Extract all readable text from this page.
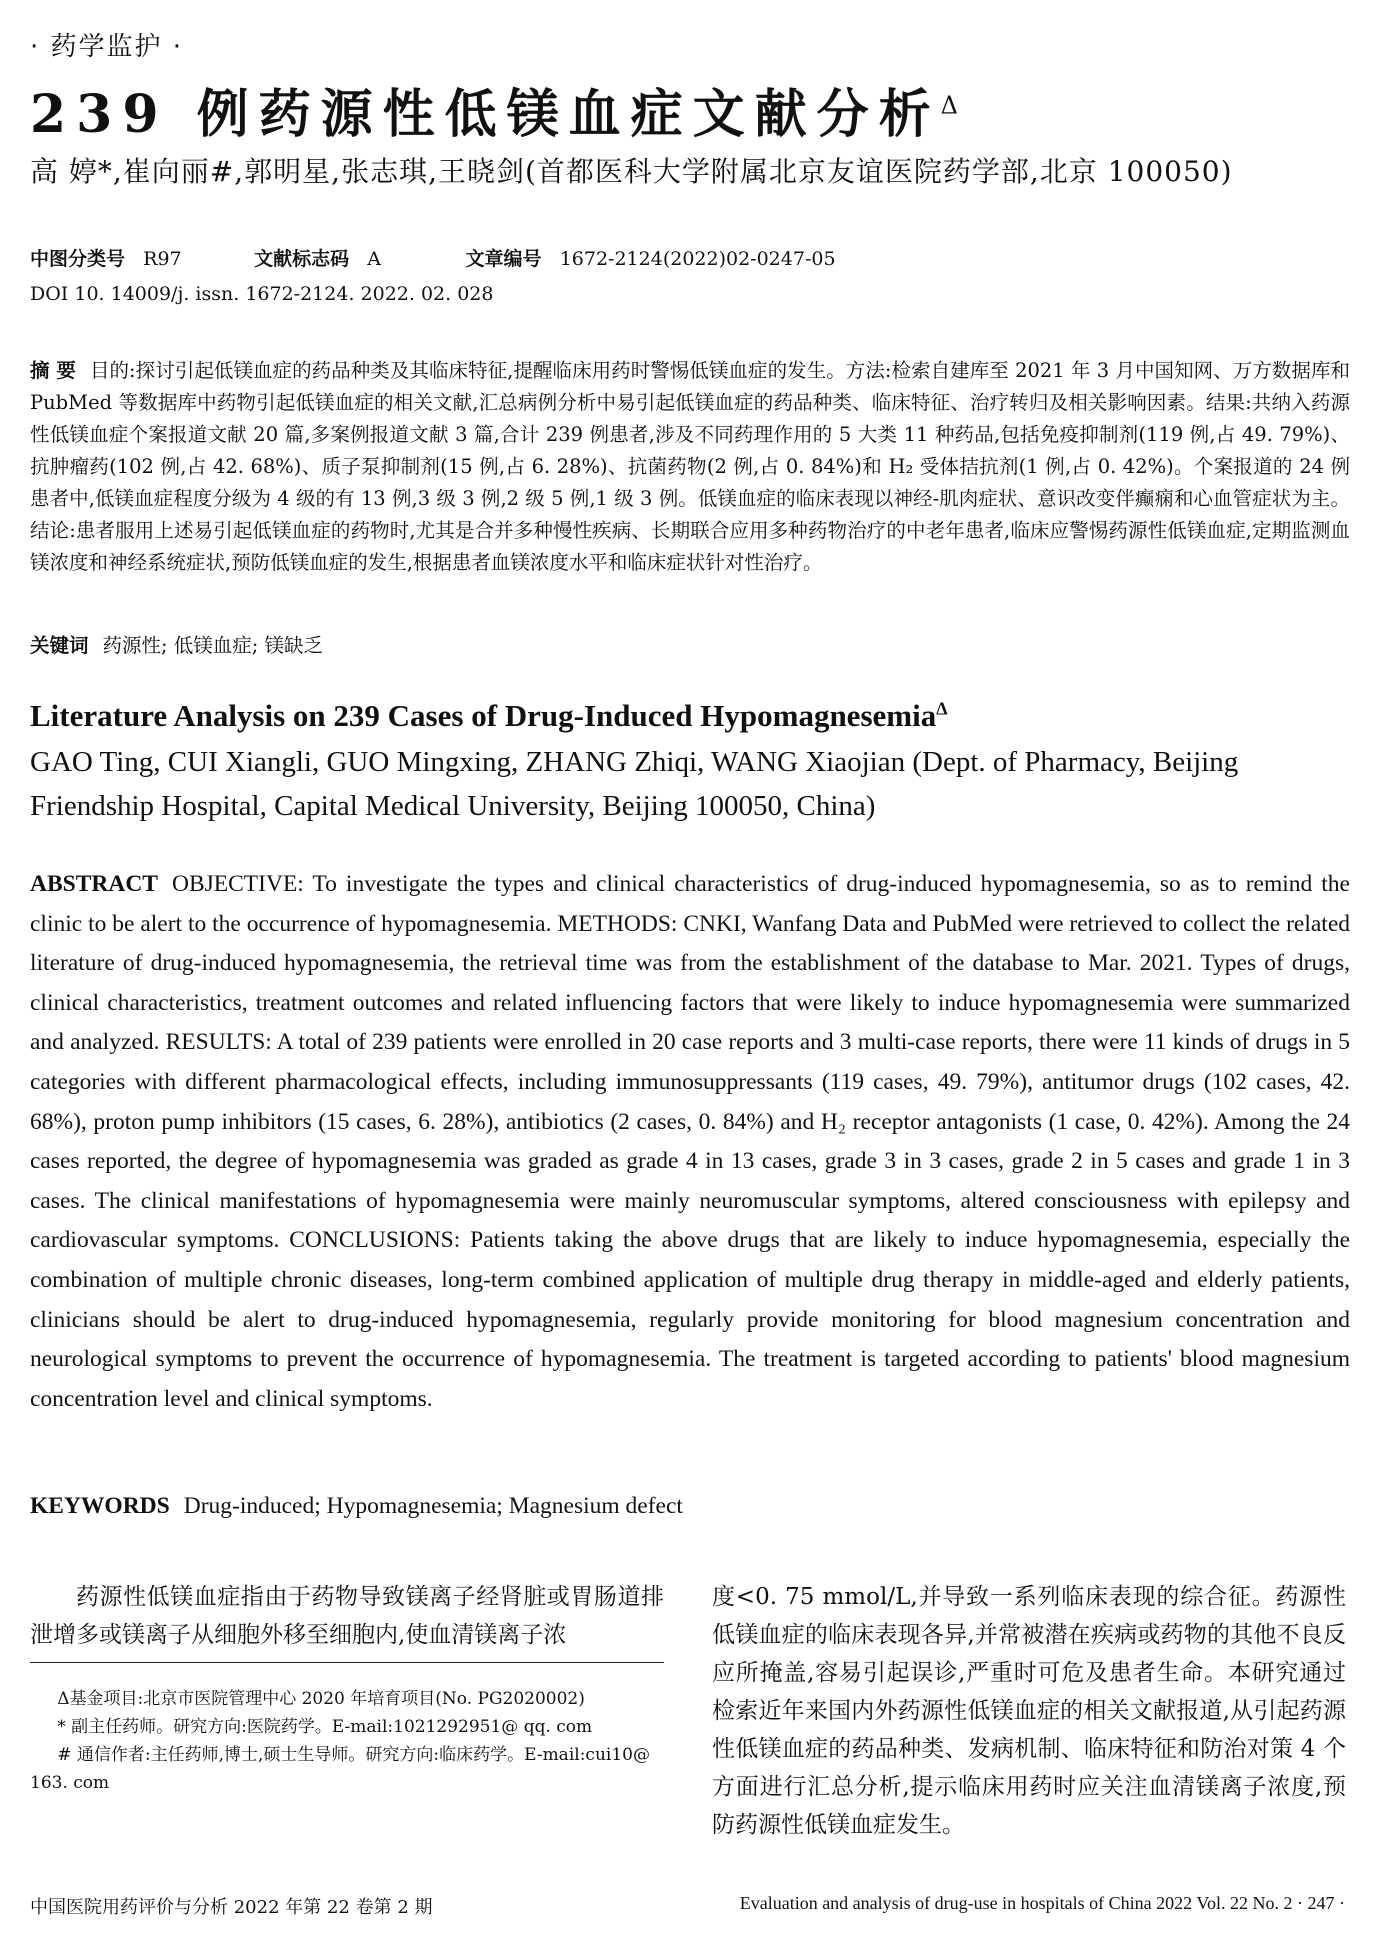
· 药学监护 ·
239 例药源性低镁血症文献分析$^\Delta$
高 婷*,崔向丽#,郭明星,张志琪,王晓剑(首都医科大学附属北京友谊医院药学部,北京 100050)
中图分类号 R97	文献标志码 A	文章编号 1672-2124(2022)02-0247-05
DOI 10. 14009/j. issn. 1672-2124. 2022. 02. 028
摘 要 目的:探讨引起低镁血症的药品种类及其临床特征,提醒临床用药时警惕低镁血症的发生。方法:检索自建库至 2021 年 3 月中国知网、万方数据库和 PubMed 等数据库中药物引起低镁血症的相关文献,汇总病例分析中易引起低镁血症的药品种类、临床特征、治疗转归及相关影响因素。结果:共纳入药源性低镁血症个案报道文献 20 篇,多案例报道文献 3 篇,合计 239 例患者,涉及不同药理作用的 5 大类 11 种药品,包括免疫抑制剂(119 例,占 49. 79%)、抗肿瘤药(102 例,占 42. 68%)、质子泵抑制剂(15 例,占 6. 28%)、抗菌药物(2 例,占 0. 84%)和 H₂ 受体拮抗剂(1 例,占 0. 42%)。个案报道的 24 例患者中,低镁血症程度分级为 4 级的有 13 例,3 级 3 例,2 级 5 例,1 级 3 例。低镁血症的临床表现以神经-肌肉症状、意识改变伴癫痫和心血管症状为主。结论:患者服用上述易引起低镁血症的药物时,尤其是合并多种慢性疾病、长期联合应用多种药物治疗的中老年患者,临床应警惕药源性低镁血症,定期监测血镁浓度和神经系统症状,预防低镁血症的发生,根据患者血镁浓度水平和临床症状针对性治疗。
关键词 药源性; 低镁血症; 镁缺乏
Literature Analysis on 239 Cases of Drug-Induced Hypomagnesemia$^\Delta$
GAO Ting, CUI Xiangli, GUO Mingxing, ZHANG Zhiqi, WANG Xiaojian (Dept. of Pharmacy, Beijing Friendship Hospital, Capital Medical University, Beijing 100050, China)
ABSTRACT OBJECTIVE: To investigate the types and clinical characteristics of drug-induced hypomagnesemia, so as to remind the clinic to be alert to the occurrence of hypomagnesemia. METHODS: CNKI, Wanfang Data and PubMed were retrieved to collect the related literature of drug-induced hypomagnesemia, the retrieval time was from the establishment of the database to Mar. 2021. Types of drugs, clinical characteristics, treatment outcomes and related influencing factors that were likely to induce hypomagnesemia were summarized and analyzed. RESULTS: A total of 239 patients were enrolled in 20 case reports and 3 multi-case reports, there were 11 kinds of drugs in 5 categories with different pharmacological effects, including immunosuppressants (119 cases, 49. 79%), antitumor drugs (102 cases, 42. 68%), proton pump inhibitors (15 cases, 6. 28%), antibiotics (2 cases, 0. 84%) and H₂ receptor antagonists (1 case, 0. 42%). Among the 24 cases reported, the degree of hypomagnesemia was graded as grade 4 in 13 cases, grade 3 in 3 cases, grade 2 in 5 cases and grade 1 in 3 cases. The clinical manifestations of hypomagnesemia were mainly neuromuscular symptoms, altered consciousness with epilepsy and cardiovascular symptoms. CONCLUSIONS: Patients taking the above drugs that are likely to induce hypomagnesemia, especially the combination of multiple chronic diseases, long-term combined application of multiple drug therapy in middle-aged and elderly patients, clinicians should be alert to drug-induced hypomagnesemia, regularly provide monitoring for blood magnesium concentration and neurological symptoms to prevent the occurrence of hypomagnesemia. The treatment is targeted according to patients' blood magnesium concentration level and clinical symptoms.
KEYWORDS Drug-induced; Hypomagnesemia; Magnesium defect
药源性低镁血症指由于药物导致镁离子经肾脏或胃肠道排泄增多或镁离子从细胞外移至细胞内,使血清镁离子浓

Δ基金项目:北京市医院管理中心 2020 年培育项目(No. PG2020002)

* 副主任药师。研究方向:医院药学。E-mail:1021292951@ qq. com

# 通信作者:主任药师,博士,硕士生导师。研究方向:临床药学。E-mail:cui10@ 163. com

度<0. 75 mmol/L,并导致一系列临床表现的综合征。药源性低镁血症的临床表现各异,并常被潜在疾病或药物的其他不良反应所掩盖,容易引起误诊,严重时可危及患者生命。本研究通过检索近年来国内外药源性低镁血症的相关文献报道,从引起药源性低镁血症的药品种类、发病机制、临床特征和防治对策 4 个方面进行汇总分析,提示临床用药时应关注血清镁离子浓度,预防药源性低镁血症发生。
中国医院用药评价与分析 2022 年第 22 卷第 2 期	Evaluation and analysis of drug-use in hospitals of China 2022 Vol. 22 No. 2 · 247 ·
